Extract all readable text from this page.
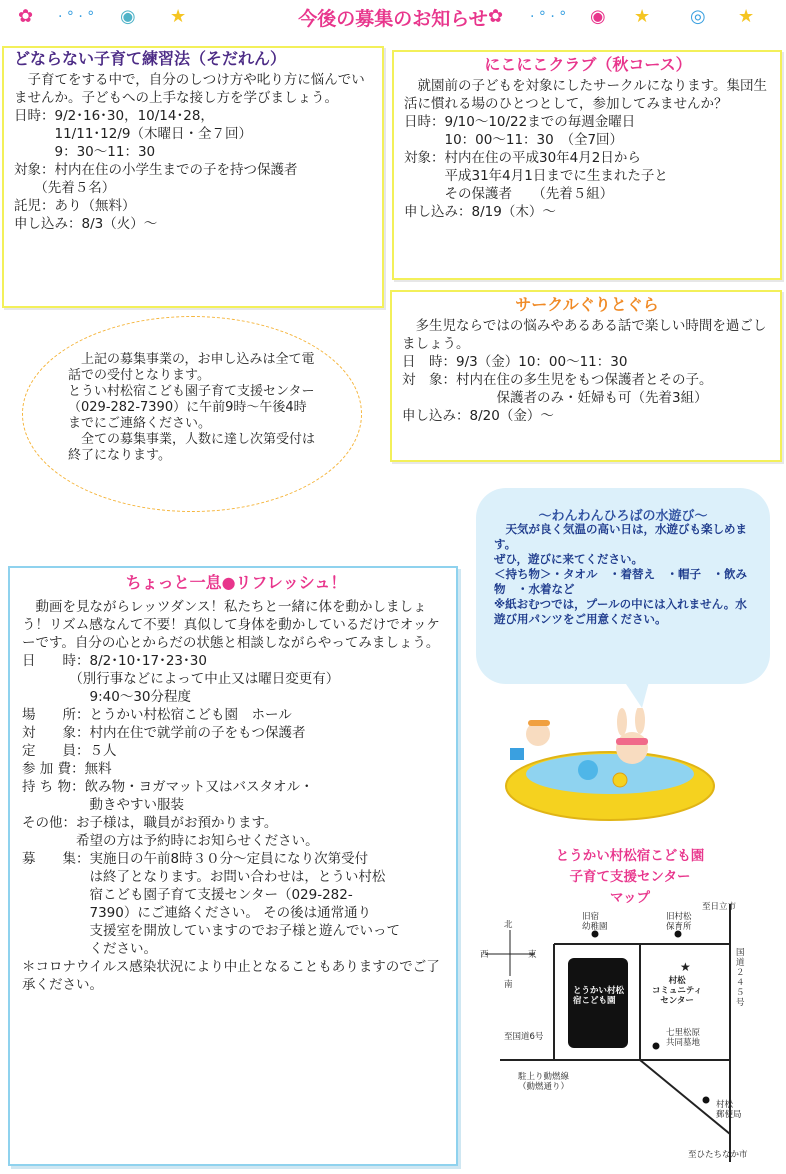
✿ · ° · ° ◉ ★	今後の募集のお知らせ ✿ · ° · ° ◉ ★ ◎ ★
どならない子育て練習法（そだれん）

　子育てをする中で，自分のしつけ方や叱り方に悩んでいませんか。子どもへの上手な接し方を学びましょう。

日時：9/2･16･30，10/14･28，

　　　11/11･12/9（木曜日・全７回）

　　　9：30～11：30

対象：村内在住の小学生までの子を持つ保護者

　　（先着５名）

託児：あり（無料）

申し込み：8/3（火）～

にこにこクラブ（秋コース）

　就園前の子どもを対象にしたサークルになります。集団生活に慣れる場のひとつとして，参加してみませんか？

日時：9/10～10/22までの毎週金曜日

　　　10：00～11：30　（全7回）

対象：村内在住の平成30年4月2日から

　　　平成31年4月1日までに生まれた子と

　　　その保護者　　（先着５組）

申し込み：8/19（木）～

サークルぐりとぐら

　多生児ならではの悩みやあるある話で楽しい時間を過ごしましょう。

日　時：9/3（金）10：00～11：30

対　象：村内在住の多生児をもつ保護者とその子。

　　　　　　　保護者のみ・妊婦も可（先着3組）

申し込み：8/20（金）～

　上記の募集事業の，お申し込みは全て電話での受付となります。
とうい村松宿こども園子育て支援センター（029-282-7390）に午前9時～午後4時までにご連絡ください。
　全ての募集事業，人数に達し次第受付は終了になります。

～わんわんひろばの水遊び～

　天気が良く気温の高い日は，水遊びも楽しめます。
ぜひ，遊びに来てください。
＜持ち物＞・タオル　・着替え　・帽子　・飲み物　・水着など
※紙おむつでは，プールの中には入れません。水遊び用パンツをご用意ください。

ちょっと一息●リフレッシュ！

　動画を見ながらレッツダンス！私たちと一緒に体を動かしましょう！リズム感なんて不要！真似して身体を動かしているだけでオッケーです。自分の心とからだの状態と相談しながらやってみましょう。

日　　時：8/2･10･17･23･30

　　　　（別行事などによって中止又は曜日変更有）

　　　　　9:40～30分程度

場　　所：とうかい村松宿こども園　ホール

対　　象：村内在住で就学前の子をもつ保護者

定　　員：５人

参 加 費：無料

持 ち 物：飲み物・ヨガマット又はバスタオル・

　　　　　動きやすい服装

その他：お子様は，職員がお預かります。

　　　　希望の方は予約時にお知らせください。

募　　集：実施日の午前8時３０分～定員になり次第受付

　　　　　は終了となります。お問い合わせは，とうい村松

　　　　　宿こども園子育て支援センター（029-282-

　　　　　7390）にご連絡ください。 その後は通常通り

　　　　　支援室を開放していますのでお子様と遊んでいって

　　　　　ください。

＊コロナウイルス感染状況により中止となることもありますのでご了承ください。

とうかい村松宿こども園
子育て支援センター
マップ
北
南
西	東
至日立市
旧宿
幼稚園
旧村松
保育所
国
道
２
４
５
号
とうかい村松
宿こども園
★
村松
コミュニティ
センター
至国道6号	七里松原
共同墓地
駐上り動燃線
（動燃通り）
村松
郵便局
至ひたちなか市
